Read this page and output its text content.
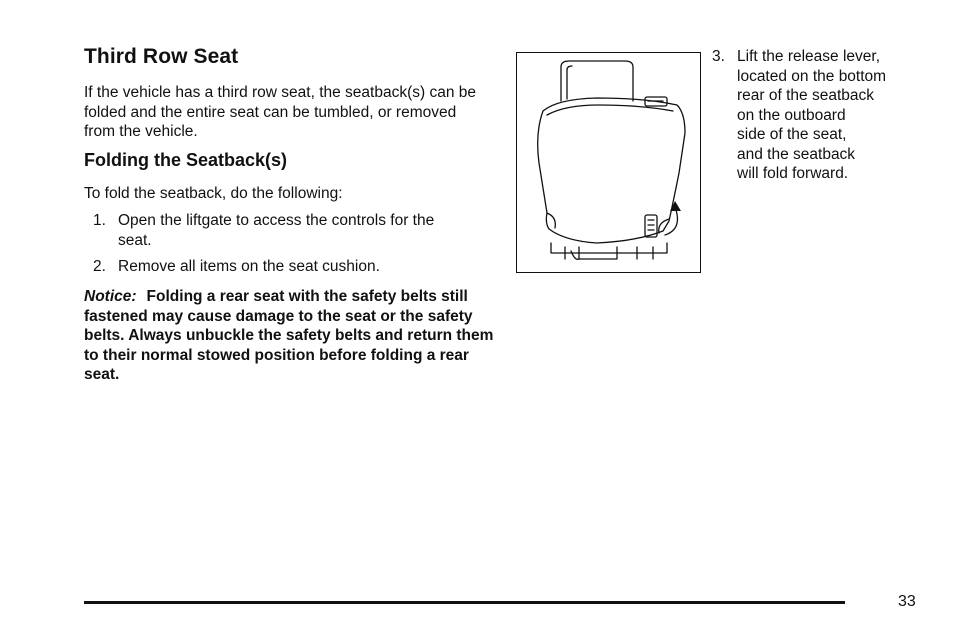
Third Row Seat

If the vehicle has a third row seat, the seatback(s) can be folded and the entire seat can be tumbled, or removed from the vehicle.

Folding the Seatback(s)

To fold the seatback, do the following:

1. Open the liftgate to access the controls for the seat.
2. Remove all items on the seat cushion.

Notice: Folding a rear seat with the safety belts still fastened may cause damage to the seat or the safety belts. Always unbuckle the safety belts and return them to their normal stowed position before folding a rear seat.

3. Lift the release lever,
located on the bottom
rear of the seatback
on the outboard
side of the seat,
and the seatback
will fold forward.
33
